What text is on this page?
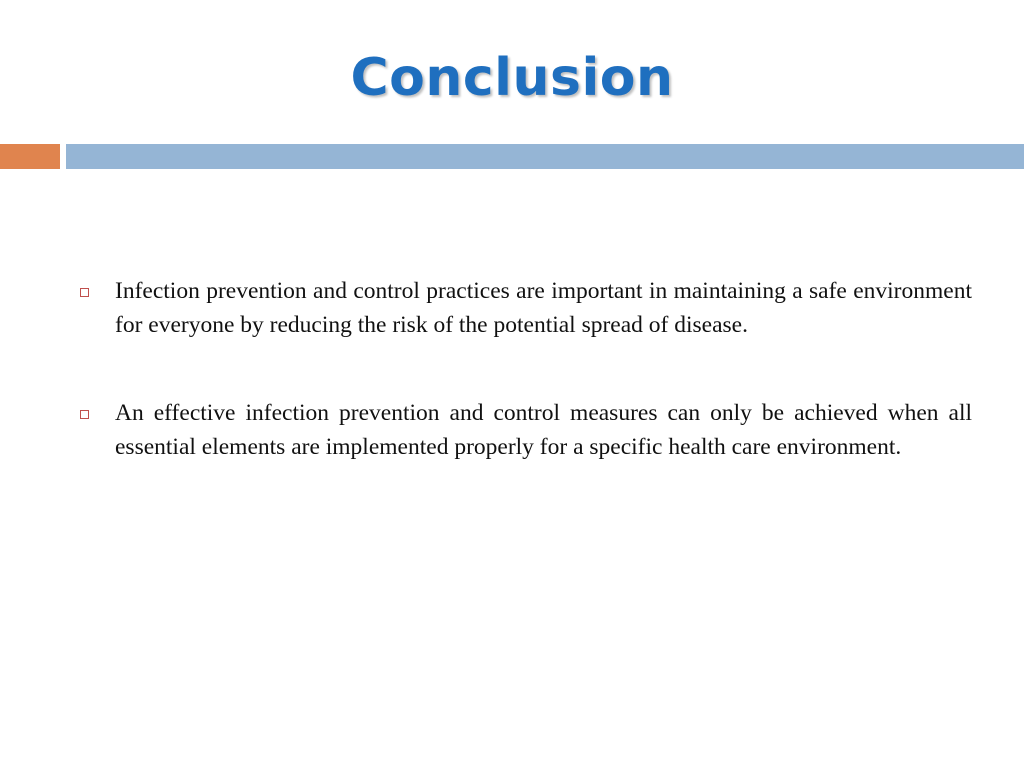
Conclusion
Infection prevention and control practices are important in maintaining a safe environment for everyone by reducing the risk of the potential spread of disease.
An effective infection prevention and control measures can only be achieved when all essential elements are implemented properly for a specific health care environment.
